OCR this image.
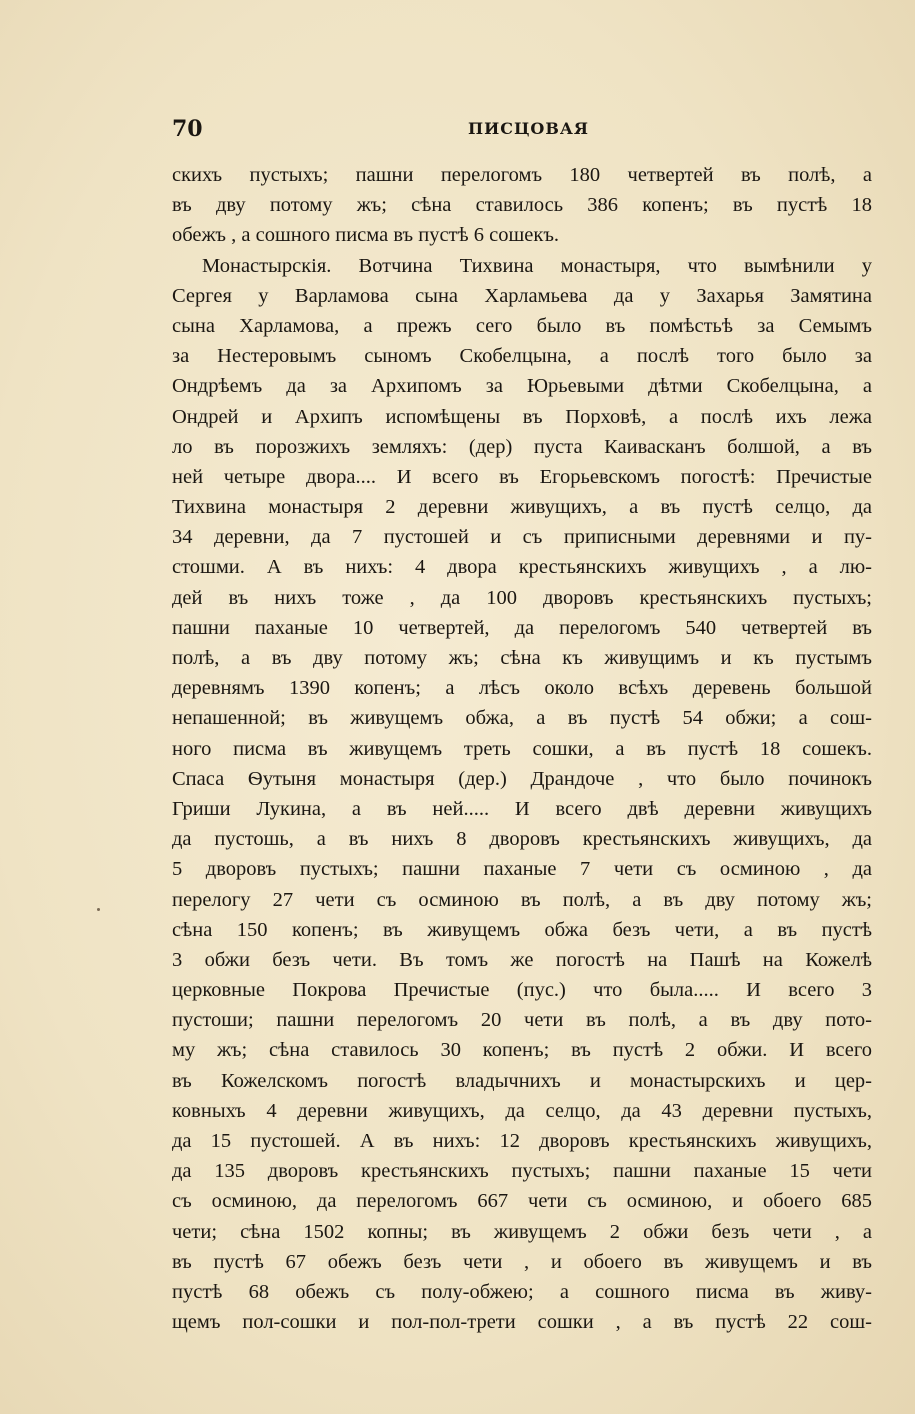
70	ПИСЦОВАЯ
скихъ пустыхъ; пашни перелогомъ 180 четвертей въ полѣ, а
въ дву потому жъ; сѣна ставилось 386 копенъ; въ пустѣ 18
обежъ , а сошного писма въ пустѣ 6 сошекъ.
Монастырскія. Вотчина Тихвина монастыря, что вымѣнили у
Сергея у Варламова сына Харламьева да у Захарья Замятина
сына Харламова, а прежъ сего было въ помѣстьѣ за Семымъ
за Нестеровымъ сыномъ Скобелцына, а послѣ того было за
Ондрѣемъ да за Архипомъ за Юрьевыми дѣтми Скобелцына, а
Ондрей и Архипъ испомѣщены въ Порховѣ, а послѣ ихъ лежа
ло въ порозжихъ земляхъ: (дер) пуста Каивасканъ болшой, а въ
ней четыре двора.... И всего въ Егорьевскомъ погостѣ: Пречистые
Тихвина монастыря 2 деревни живущихъ, а въ пустѣ селцо, да
34 деревни, да 7 пустошей и съ приписными деревнями и пу-
стошми. А въ нихъ: 4 двора крестьянскихъ живущихъ , а лю-
дей въ нихъ тоже , да 100 дворовъ крестьянскихъ пустыхъ;
пашни паханые 10 четвертей, да перелогомъ 540 четвертей въ
полѣ, а въ дву потому жъ; сѣна къ живущимъ и къ пустымъ
деревнямъ 1390 копенъ; а лѣсъ около всѣхъ деревень большой
непашенной; въ живущемъ обжа, а въ пустѣ 54 обжи; а сош-
ного писма въ живущемъ треть сошки, а въ пустѣ 18 сошекъ.
Спаса Ѳутыня монастыря (дер.) Драндоче , что было починокъ
Гриши Лукина, а въ ней..... И всего двѣ деревни живущихъ
да пустошь, а въ нихъ 8 дворовъ крестьянскихъ живущихъ, да
5 дворовъ пустыхъ; пашни паханые 7 чети съ осминою , да
перелогу 27 чети съ осминою въ полѣ, а въ дву потому жъ;
сѣна 150 копенъ; въ живущемъ обжа безъ чети, а въ пустѣ
3 обжи безъ чети. Въ томъ же погостѣ на Пашѣ на Кожелѣ
церковные Покрова Пречистые (пус.) что была..... И всего 3
пустоши; пашни перелогомъ 20 чети въ полѣ, а въ дву пото-
му жъ; сѣна ставилось 30 копенъ; въ пустѣ 2 обжи. И всего
въ Кожелскомъ погостѣ владычнихъ и монастырскихъ и цер-
ковныхъ 4 деревни живущихъ, да селцо, да 43 деревни пустыхъ,
да 15 пустошей. А въ нихъ: 12 дворовъ крестьянскихъ живущихъ,
да 135 дворовъ крестьянскихъ пустыхъ; пашни паханые 15 чети
съ осминою, да перелогомъ 667 чети съ осминою, и обоего 685
чети; сѣна 1502 копны; въ живущемъ 2 обжи безъ чети , а
въ пустѣ 67 обежъ безъ чети , и обоего въ живущемъ и въ
пустѣ 68 обежъ съ полу-обжею; а сошного писма въ живу-
щемъ пол-сошки и пол-пол-трети сошки , а въ пустѣ 22 сош-
